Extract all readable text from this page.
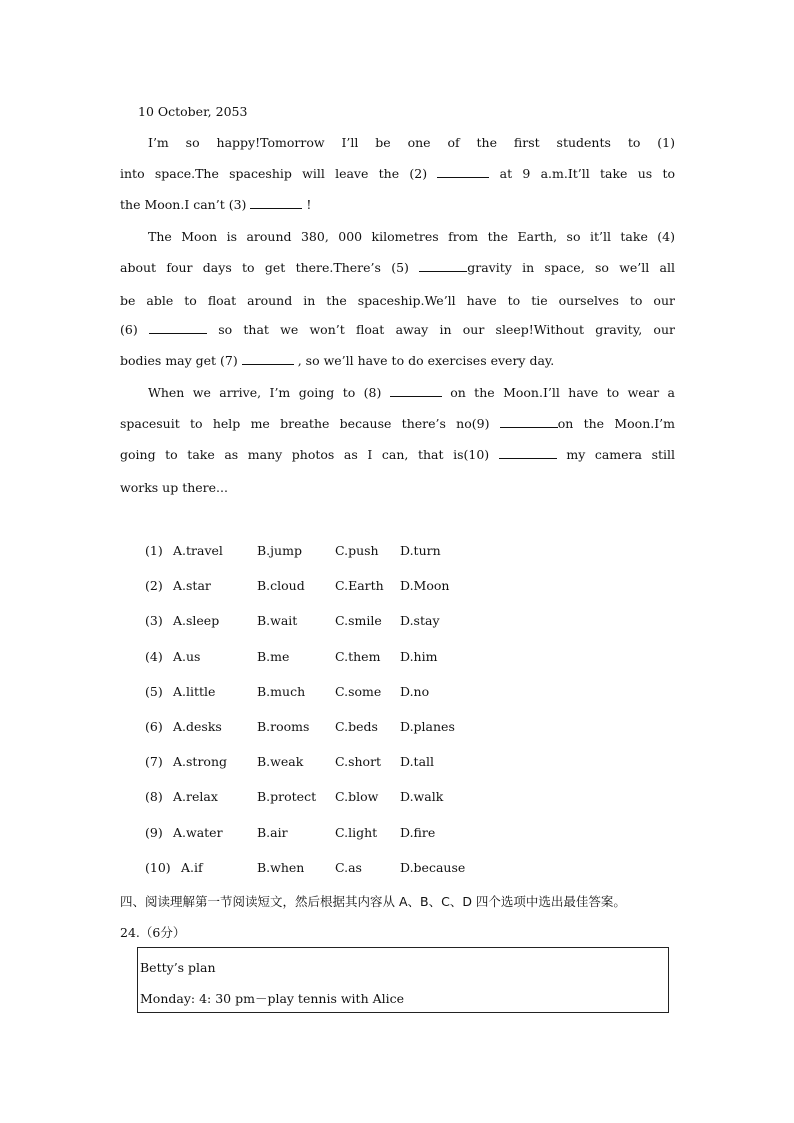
10 October, 2053
I’m so happy!Tomorrow I’ll be one of the first students to (1)
into space.The spaceship will leave the (2)	at 9 a.m.It’ll take us to
the Moon.I can’t (3)	!
The Moon is around 380, 000 kilometres from the Earth, so it’ll take (4)
about four days to get there.There’s (5)	gravity in space, so we’ll all
be able to float around in the spaceship.We’ll have to tie ourselves to our
(6)	so that we won’t float away in our sleep!Without gravity, our
bodies may get (7)	, so we’ll have to do exercises every day.
When we arrive, I’m going to (8)	on the Moon.I’ll have to wear a
spacesuit to help me breathe because there’s no(9)	on the Moon.I’m
going to take as many photos as I can, that is(10)	my camera still
works up there...
(1) A.travel	B.jump	C.push D.turn
(2) A.star	B.cloud C.Earth D.Moon
(3) A.sleep	B.wait	C.smile D.stay
(4) A.us	B.me	C.them D.him
(5) A.little	B.much C.some D.no
(6) A.desks	B.rooms C.beds D.planes
(7) A.strong B.weak	C.short D.tall
(8) A.relax	B.protect C.blow D.walk
(9) A.water	B.air	C.light D.fire
(10) A.if	B.when C.as	D.because
四、阅读理解第一节阅读短文，然后根据其内容从 A、B、C、D 四个选项中选出最佳答案。
24.（6分）
Betty’s plan
Monday: 4: 30 pm－play tennis with Alice
